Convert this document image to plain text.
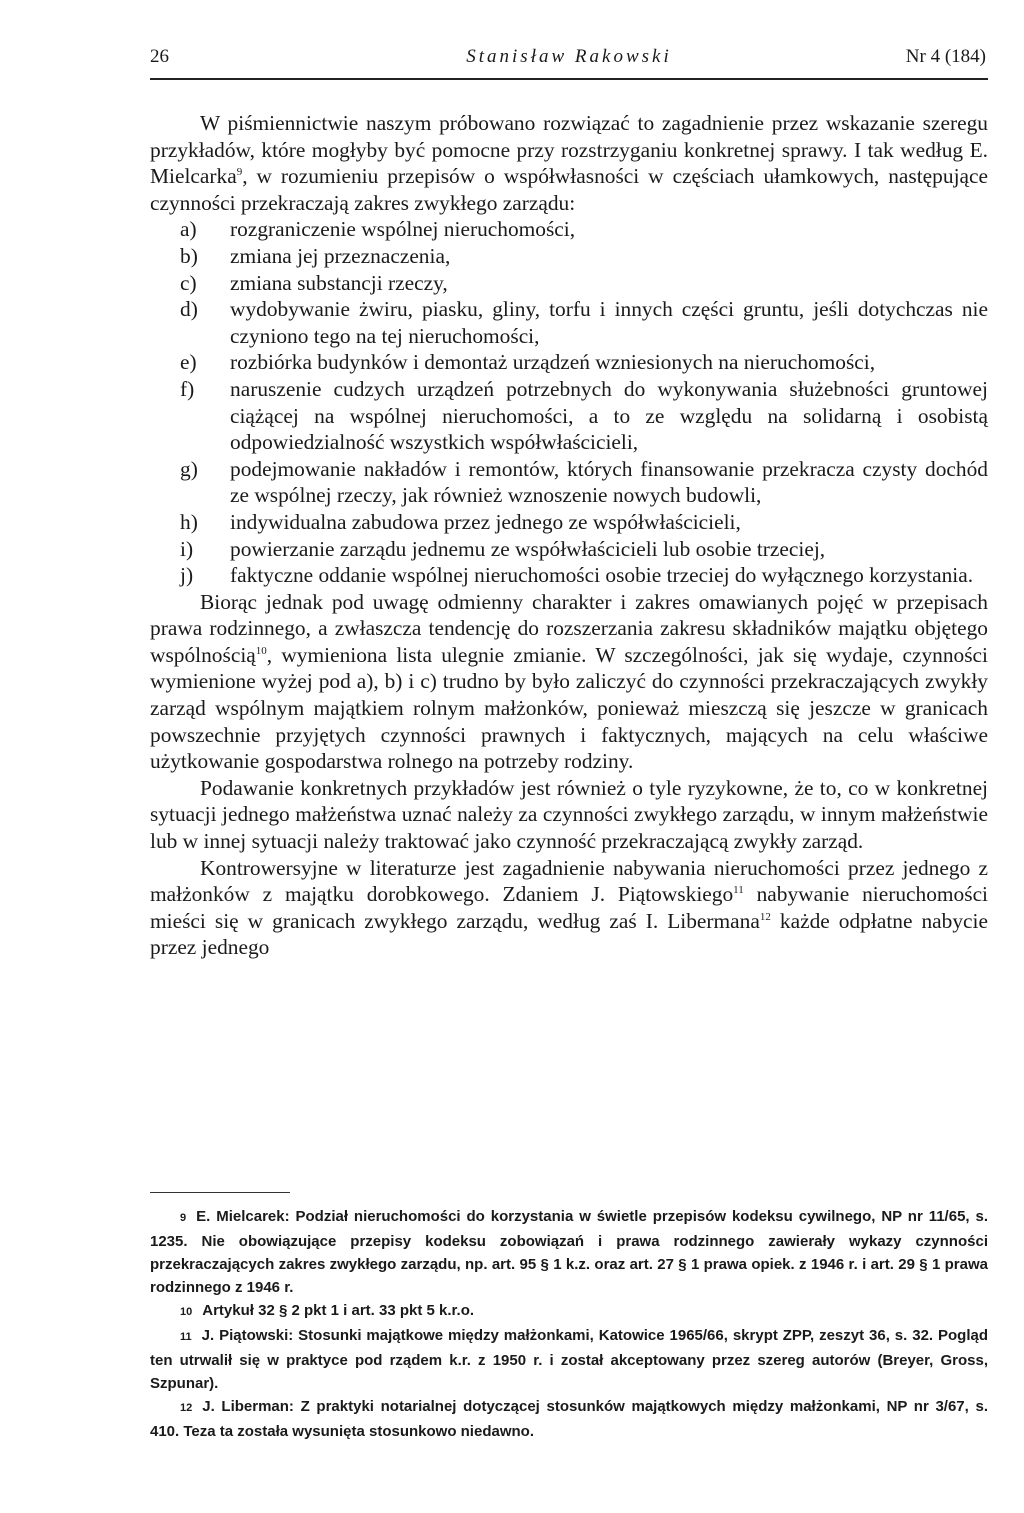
26	Stanisław Rakowski	Nr 4 (184)

W piśmiennictwie naszym próbowano rozwiązać to zagadnienie przez wskazanie szeregu przykładów, które mogłyby być pomocne przy rozstrzyganiu konkretnej sprawy. I tak według E. Mielcarka$^9$, w rozumieniu przepisów o współwłasności w częściach ułamkowych, następujące czynności przekraczają zakres zwykłego zarządu:

a) rozgraniczenie wspólnej nieruchomości,
b) zmiana jej przeznaczenia,
c) zmiana substancji rzeczy,
d) wydobywanie żwiru, piasku, gliny, torfu i innych części gruntu, jeśli dotychczas nie czyniono tego na tej nieruchomości,
e) rozbiórka budynków i demontaż urządzeń wzniesionych na nieruchomości,
f) naruszenie cudzych urządzeń potrzebnych do wykonywania służebności gruntowej ciążącej na wspólnej nieruchomości, a to ze względu na solidarną i osobistą odpowiedzialność wszystkich współwłaścicieli,
g) podejmowanie nakładów i remontów, których finansowanie przekracza czysty dochód ze wspólnej rzeczy, jak również wznoszenie nowych budowli,
h) indywidualna zabudowa przez jednego ze współwłaścicieli,
i) powierzanie zarządu jednemu ze współwłaścicieli lub osobie trzeciej,
j) faktyczne oddanie wspólnej nieruchomości osobie trzeciej do wyłącznego korzystania.

Biorąc jednak pod uwagę odmienny charakter i zakres omawianych pojęć w przepisach prawa rodzinnego, a zwłaszcza tendencję do rozszerzania zakresu składników majątku objętego wspólnością$^{10}$, wymieniona lista ulegnie zmianie. W szczególności, jak się wydaje, czynności wymienione wyżej pod a), b) i c) trudno by było zaliczyć do czynności przekraczających zwykły zarząd wspólnym majątkiem rolnym małżonków, ponieważ mieszczą się jeszcze w granicach powszechnie przyjętych czynności prawnych i faktycznych, mających na celu właściwe użytkowanie gospodarstwa rolnego na potrzeby rodziny.

Podawanie konkretnych przykładów jest również o tyle ryzykowne, że to, co w konkretnej sytuacji jednego małżeństwa uznać należy za czynności zwykłego zarządu, w innym małżeństwie lub w innej sytuacji należy traktować jako czynność przekraczającą zwykły zarząd.

Kontrowersyjne w literaturze jest zagadnienie nabywania nieruchomości przez jednego z małżonków z majątku dorobkowego. Zdaniem J. Piątowskiego$^{11}$ nabywanie nieruchomości mieści się w granicach zwykłego zarządu, według zaś I. Libermana$^{12}$ każde odpłatne nabycie przez jednego

9 E. Mielcarek: Podział nieruchomości do korzystania w świetle przepisów kodeksu cywilnego, NP nr 11/65, s. 1235. Nie obowiązujące przepisy kodeksu zobowiązań i prawa rodzinnego zawierały wykazy czynności przekraczających zakres zwykłego zarządu, np. art. 95 § 1 k.z. oraz art. 27 § 1 prawa opiek. z 1946 r. i art. 29 § 1 prawa rodzinnego z 1946 r.

10 Artykuł 32 § 2 pkt 1 i art. 33 pkt 5 k.r.o.

11 J. Piątowski: Stosunki majątkowe między małżonkami, Katowice 1965/66, skrypt ZPP, zeszyt 36, s. 32. Pogląd ten utrwalił się w praktyce pod rządem k.r. z 1950 r. i został akceptowany przez szereg autorów (Breyer, Gross, Szpunar).

12 J. Liberman: Z praktyki notarialnej dotyczącej stosunków majątkowych między małżonkami, NP nr 3/67, s. 410. Teza ta została wysunięta stosunkowo niedawno.
